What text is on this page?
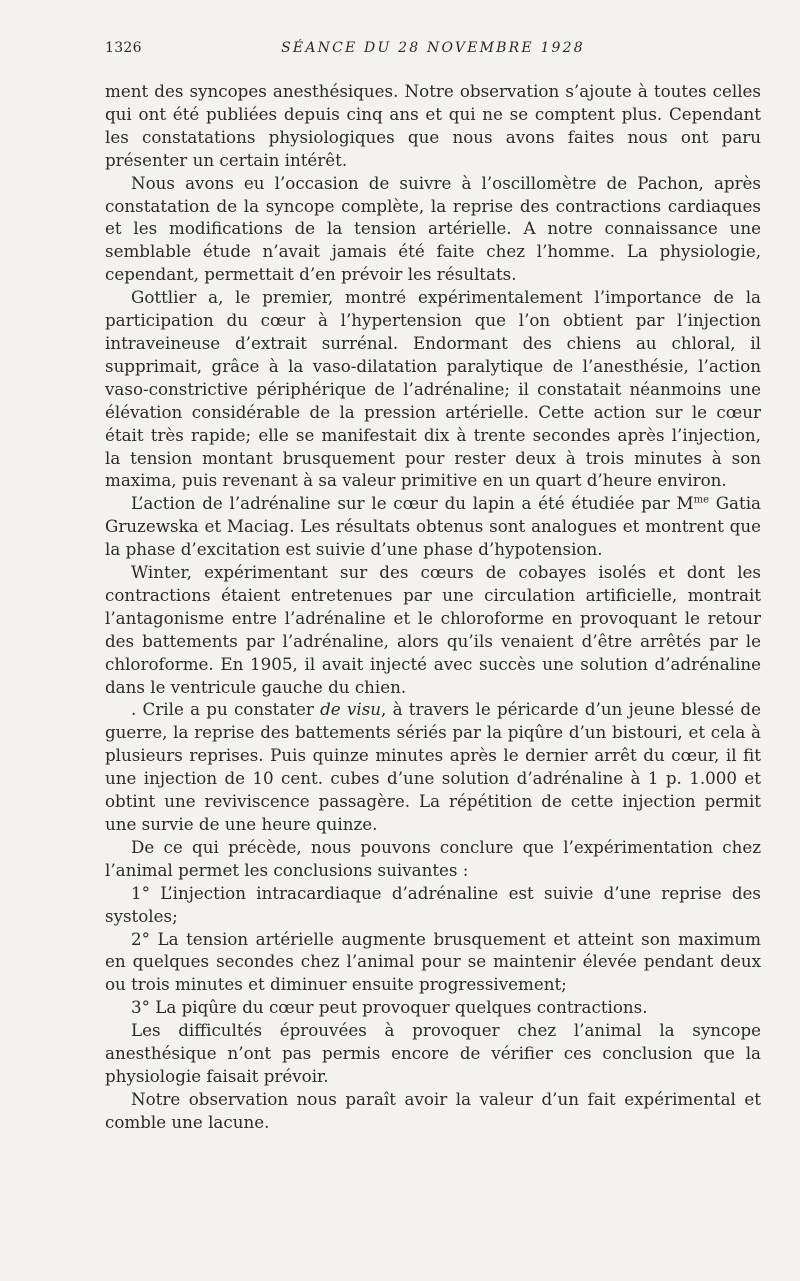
1326	SÉANCE DU 28 NOVEMBRE 1928

ment des syncopes anesthésiques. Notre observation s’ajoute à toutes celles qui ont été publiées depuis cinq ans et qui ne se comptent plus. Cependant les constatations physiologiques que nous avons faites nous ont paru présenter un certain intérêt.

Nous avons eu l’occasion de suivre à l’oscillomètre de Pachon, après constatation de la syncope complète, la reprise des contractions cardiaques et les modifications de la tension artérielle. A notre connaissance une semblable étude n’avait jamais été faite chez l’homme. La physiologie, cependant, permettait d’en prévoir les résultats.

Gottlier a, le premier, montré expérimentalement l’importance de la participation du cœur à l’hypertension que l’on obtient par l’injection intraveineuse d’extrait surrénal. Endormant des chiens au chloral, il supprimait, grâce à la vaso-dilatation paralytique de l’anesthésie, l’action vaso-constrictive périphérique de l’adrénaline; il constatait néanmoins une élévation considérable de la pression artérielle. Cette action sur le cœur était très rapide; elle se manifestait dix à trente secondes après l’injection, la tension montant brusquement pour rester deux à trois minutes à son maxima, puis revenant à sa valeur primitive en un quart d’heure environ.

L’action de l’adrénaline sur le cœur du lapin a été étudiée par $M^{me}$ Gatia Gruzewska et Maciag. Les résultats obtenus sont analogues et montrent que la phase d’excitation est suivie d’une phase d’hypotension.

Winter, expérimentant sur des cœurs de cobayes isolés et dont les contractions étaient entretenues par une circulation artificielle, montrait l’antagonisme entre l’adrénaline et le chloroforme en provoquant le retour des battements par l’adrénaline, alors qu’ils venaient d’être arrêtés par le chloroforme. En 1905, il avait injecté avec succès une solution d’adrénaline dans le ventricule gauche du chien.

. Crile a pu constater de visu, à travers le péricarde d’un jeune blessé de guerre, la reprise des battements sériés par la piqûre d’un bistouri, et cela à plusieurs reprises. Puis quinze minutes après le dernier arrêt du cœur, il fit une injection de 10 cent. cubes d’une solution d’adrénaline à 1 p. 1.000 et obtint une reviviscence passagère. La répétition de cette injection permit une survie de une heure quinze.

De ce qui précède, nous pouvons conclure que l’expérimentation chez l’animal permet les conclusions suivantes :

1° L’injection intracardiaque d’adrénaline est suivie d’une reprise des systoles;

2° La tension artérielle augmente brusquement et atteint son maximum en quelques secondes chez l’animal pour se maintenir élevée pendant deux ou trois minutes et diminuer ensuite progressivement;

3° La piqûre du cœur peut provoquer quelques contractions.

Les difficultés éprouvées à provoquer chez l’animal la syncope anesthésique n’ont pas permis encore de vérifier ces conclusion que la physiologie faisait prévoir.

Notre observation nous paraît avoir la valeur d’un fait expérimental et comble une lacune.
